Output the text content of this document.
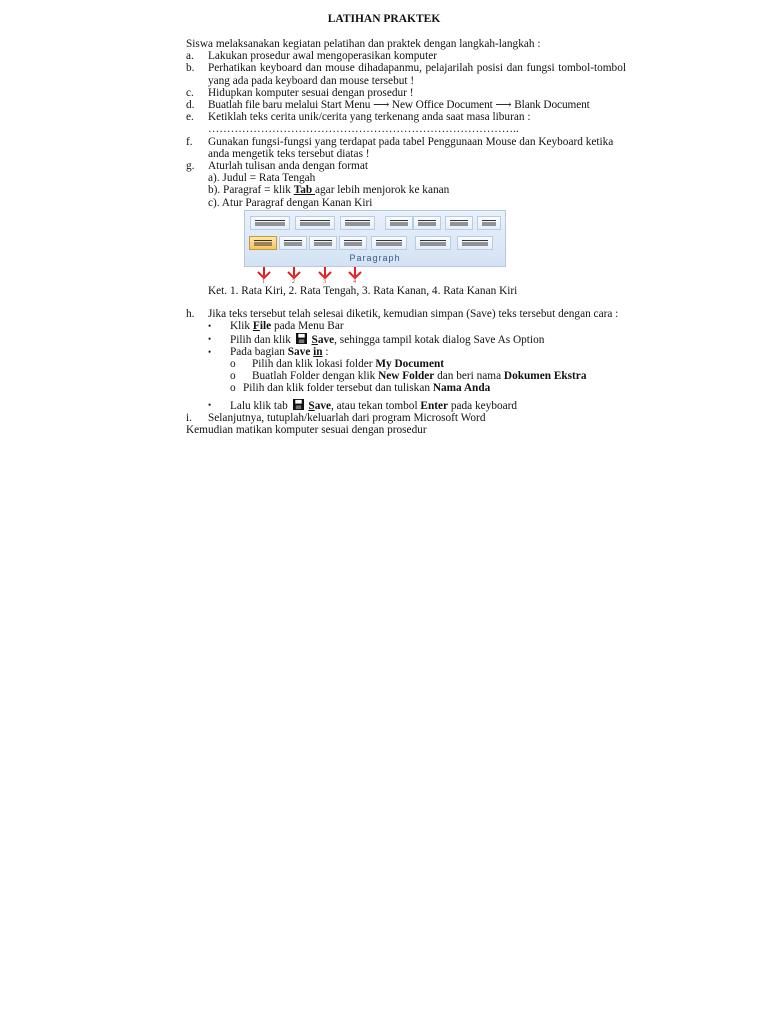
LATIHAN PRAKTEK
Siswa melaksanakan kegiatan pelatihan dan praktek dengan langkah-langkah :
a.	Lakukan prosedur awal mengoperasikan komputer
b.	Perhatikan keyboard dan mouse dihadapanmu, pelajarilah posisi dan fungsi tombol-tombol yang ada pada keyboard dan mouse tersebut !
c.	Hidupkan komputer sesuai dengan prosedur !
d.	Buatlah file baru melalui Start Menu ⟶ New Office Document ⟶ Blank Document
e.	Ketiklah teks cerita unik/cerita yang terkenang anda saat masa liburan :
………………………………………………………………………..
f.	Gunakan fungsi-fungsi yang terdapat pada tabel Penggunaan Mouse dan Keyboard ketika anda mengetik teks tersebut diatas !
g.	Aturlah tulisan anda dengan format
a). Judul = Rata Tengah
b). Paragraf = klik Tab agar lebih menjorok ke kanan
c). Atur Paragraf dengan Kanan Kiri
Paragraph
1	2	3	4
Ket. 1. Rata Kiri, 2. Rata Tengah, 3. Rata Kanan, 4. Rata Kanan Kiri
h.	Jika teks tersebut telah selesai diketik, kemudian simpan (Save) teks tersebut dengan cara :
•	Klik File pada Menu Bar
•	Pilih dan klik  Save, sehingga tampil kotak dialog Save As Option
•	Pada bagian Save in :
o	Pilih dan klik lokasi folder My Document
o	Buatlah Folder dengan klik New Folder dan beri nama Dokumen Ekstra
o Pilih dan klik folder tersebut dan tuliskan Nama Anda
•	Lalu klik tab  Save, atau tekan tombol Enter pada keyboard
i.	Selanjutnya, tutuplah/keluarlah dari program Microsoft Word
Kemudian matikan komputer sesuai dengan prosedur
